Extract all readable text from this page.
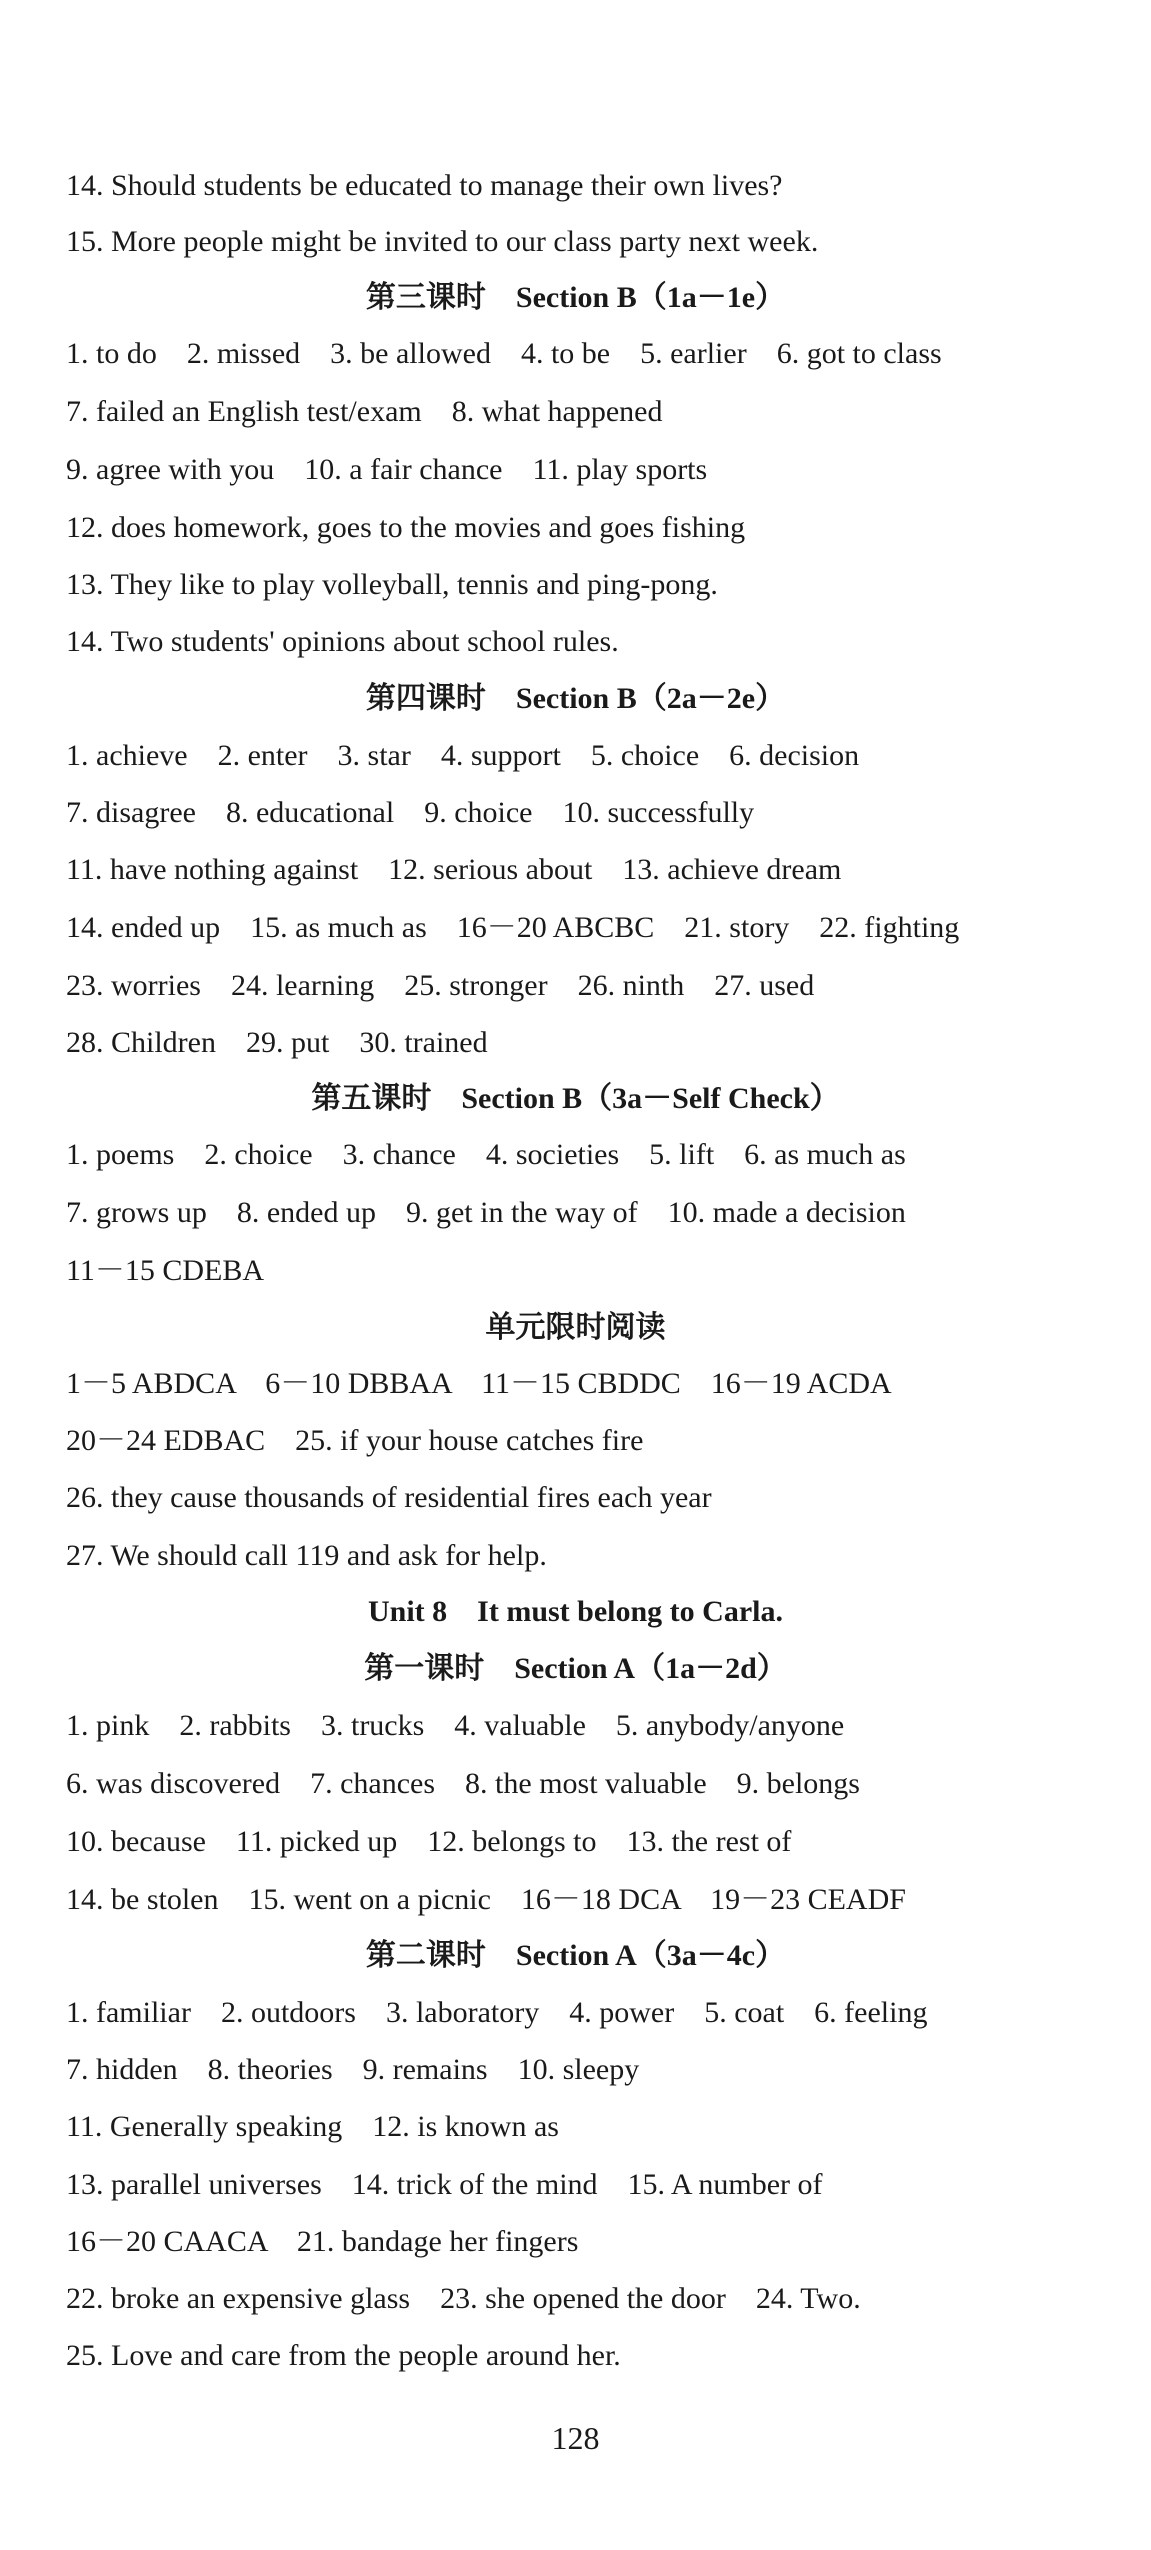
14. Should students be educated to manage their own lives?
15. More people might be invited to our class party next week.
第三课时　Section B（1a－1e）
1. to do　2. missed　3. be allowed　4. to be　5. earlier　6. got to class
7. failed an English test/exam　8. what happened
9. agree with you　10. a fair chance　11. play sports
12. does homework, goes to the movies and goes fishing
13. They like to play volleyball, tennis and ping-pong.
14. Two students' opinions about school rules.
第四课时　Section B（2a－2e）
1. achieve　2. enter　3. star　4. support　5. choice　6. decision
7. disagree　8. educational　9. choice　10. successfully
11. have nothing against　12. serious about　13. achieve dream
14. ended up　15. as much as　16－20 ABCBC　21. story　22. fighting
23. worries　24. learning　25. stronger　26. ninth　27. used
28. Children　29. put　30. trained
第五课时　Section B（3a－Self Check）
1. poems　2. choice　3. chance　4. societies　5. lift　6. as much as
7. grows up　8. ended up　9. get in the way of　10. made a decision
11－15 CDEBA
单元限时阅读
1－5 ABDCA　6－10 DBBAA　11－15 CBDDC　16－19 ACDA
20－24 EDBAC　25. if your house catches fire
26. they cause thousands of residential fires each year
27. We should call 119 and ask for help.
Unit 8　It must belong to Carla.
第一课时　Section A（1a－2d）
1. pink　2. rabbits　3. trucks　4. valuable　5. anybody/anyone
6. was discovered　7. chances　8. the most valuable　9. belongs
10. because　11. picked up　12. belongs to　13. the rest of
14. be stolen　15. went on a picnic　16－18 DCA　19－23 CEADF
第二课时　Section A（3a－4c）
1. familiar　2. outdoors　3. laboratory　4. power　5. coat　6. feeling
7. hidden　8. theories　9. remains　10. sleepy
11. Generally speaking　12. is known as
13. parallel universes　14. trick of the mind　15. A number of
16－20 CAACA　21. bandage her fingers
22. broke an expensive glass　23. she opened the door　24. Two.
25. Love and care from the people around her.
128
